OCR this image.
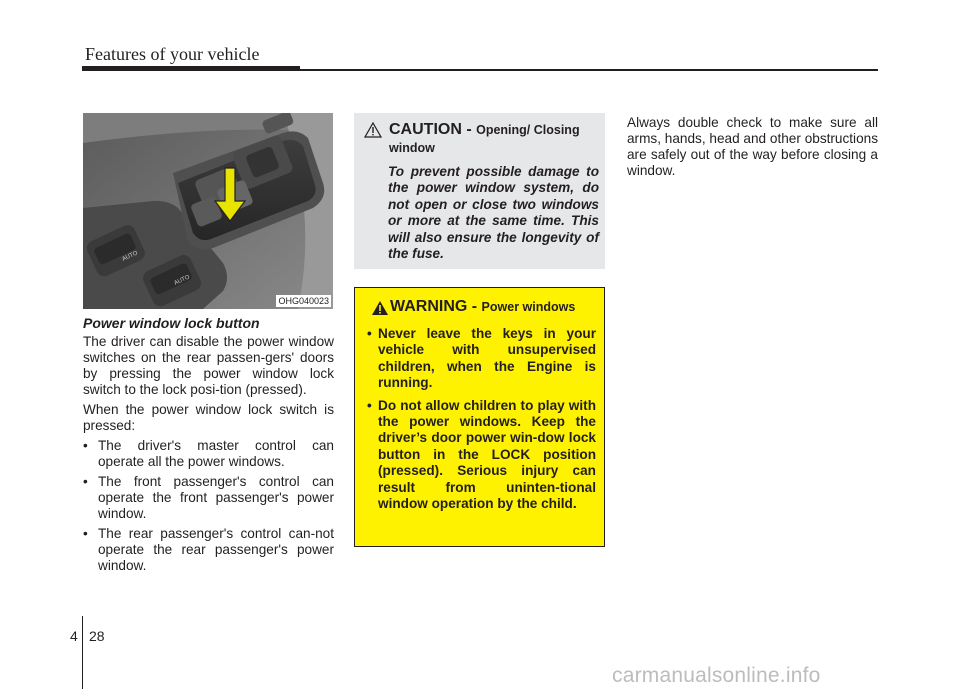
Features of your vehicle
AUTO
AUTO
OHG040023
Power window lock button

The driver can disable the power window switches on the rear passen-gers' doors by pressing the power window lock switch to the lock posi-tion (pressed).

When the power window lock switch is pressed:

• The driver's master control can operate all the power windows.
• The front passenger's control can operate the front passenger's power window.
• The rear passenger's control can-not operate the rear passenger's power window.
CAUTION - Opening/ Closing window
To prevent possible damage to the power window system, do not open or close two windows or more at the same time. This will also ensure the longevity of the fuse.
WARNING - Power windows
• Never leave the keys in your vehicle with unsupervised children, when the Engine is running.
• Do not allow children to play with the power windows. Keep the driver’s door power win-dow lock button in the LOCK position (pressed). Serious injury can result from uninten-tional window operation by the child.
Always double check to make sure all arms, hands, head and other obstructions are safely out of the way before closing a window.
4 28
carmanualsonline.info
